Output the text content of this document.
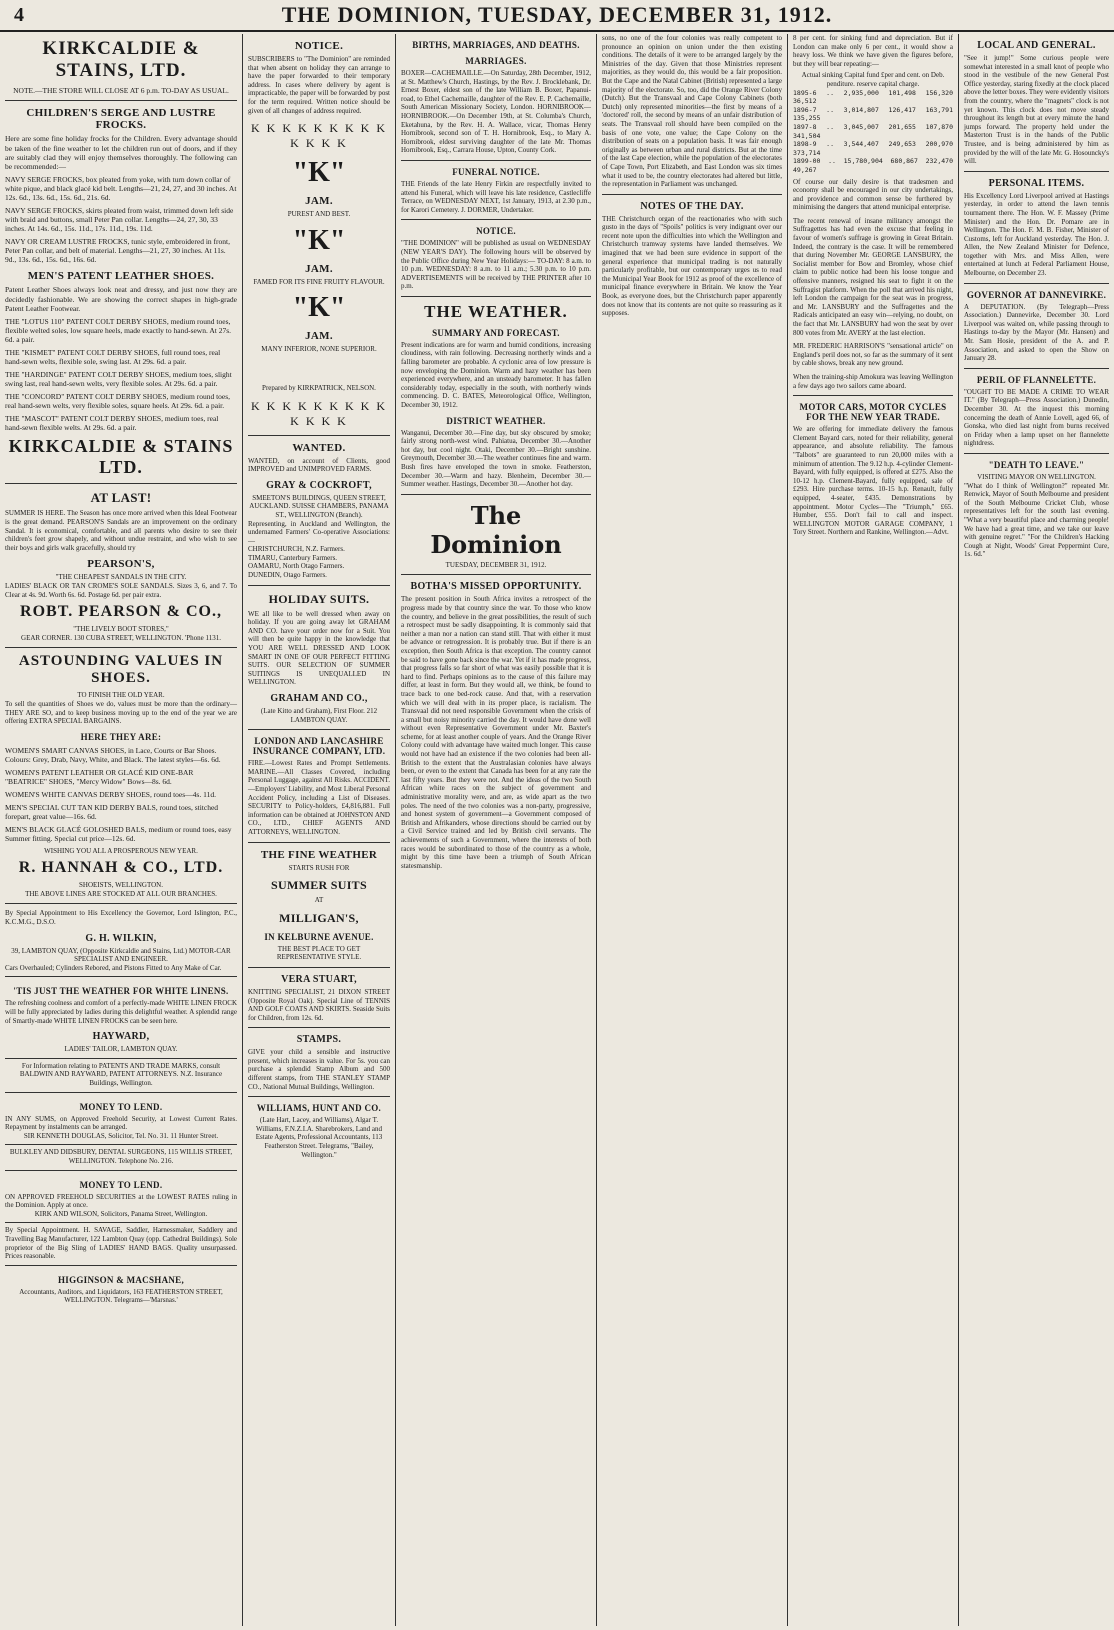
4	THE DOMINION, TUESDAY, DECEMBER 31, 1912.
KIRKCALDIE & STAINS, LTD.
NOTE.—THE STORE WILL CLOSE AT 6 p.m. TO-DAY AS USUAL.
CHILDREN'S SERGE AND LUSTRE FROCKS.
Here are some fine holiday frocks for the Children. Every advantage should be taken of the fine weather to let the children run out of doors, and if they are suitably clad they will enjoy themselves thoroughly. The following can be recommended:—
NAVY SERGE FROCKS, box pleated from yoke, with turn down collar of white pique, and black glacé kid belt. Lengths—21, 24, 27, and 30 inches. At 12s. 6d., 13s. 6d., 15s. 6d., 21s. 6d.
NAVY SERGE FROCKS, skirts pleated from waist, trimmed down left side with braid and buttons, small Peter Pan collar. Lengths—24, 27, 30, 33 inches. At 14s. 6d., 15s. 11d., 17s. 11d., 19s. 11d.
NAVY OR CREAM LUSTRE FROCKS, tunic style, embroidered in front, Peter Pan collar, and belt of material. Lengths—21, 27, 30 inches. At 11s. 9d., 13s. 6d., 15s. 6d., 16s. 6d.
MEN'S PATENT LEATHER SHOES.
Patent Leather Shoes always look neat and dressy, and just now they are decidedly fashionable. We are showing the correct shapes in high-grade Patent Leather Footwear.
THE "LOTUS 110" PATENT COLT DERBY SHOES, medium round toes, flexible welted soles, low square heels, made exactly to hand-sewn. At 27s. 6d. a pair.
THE "KISMET" PATENT COLT DERBY SHOES, full round toes, real hand-sewn welts, flexible sole, swing last. At 29s. 6d. a pair.
THE "HARDINGE" PATENT COLT DERBY SHOES, medium toes, slight swing last, real hand-sewn welts, very flexible soles. At 29s. 6d. a pair.
THE "CONCORD" PATENT COLT DERBY SHOES, medium round toes, real hand-sewn welts, very flexible soles, square heels. At 29s. 6d. a pair.
THE "MASCOT" PATENT COLT DERBY SHOES, medium toes, real hand-sewn flexible welts. At 29s. 6d. a pair.
KIRKCALDIE & STAINS LTD.
AT LAST!
SUMMER IS HERE. The Season has once more arrived when this Ideal Footwear is the great demand. PEARSON'S Sandals are an improvement on the ordinary Sandal. It is economical, comfortable, and all parents who desire to see their children's feet grow shapely, and without undue restraint, and who wish to see their boys and girls walk gracefully, should try
PEARSON'S,
"THE CHEAPEST SANDALS IN THE CITY.
LADIES' BLACK OR TAN CROME'S SOLE SANDALS. Sizes 3, 6, and 7. To Clear at 4s. 9d. Worth 6s. 6d. Postage 6d. per pair extra.
ROBT. PEARSON & CO.,
"THE LIVELY BOOT STORES,"
GEAR CORNER. 130 CUBA STREET, WELLINGTON. 'Phone 1131.
ASTOUNDING VALUES IN SHOES.
TO FINISH THE OLD YEAR.
To sell the quantities of Shoes we do, values must be more than the ordinary—THEY ARE SO, and to keep business moving up to the end of the year we are offering EXTRA SPECIAL BARGAINS.
HERE THEY ARE:
WOMEN'S SMART CANVAS SHOES, in Lace, Courts or Bar Shoes. Colours: Grey, Drab, Navy, White, and Black. The latest styles—6s. 6d.
WOMEN'S PATENT LEATHER OR GLACÉ KID ONE-BAR "BEATRICE" SHOES, "Mercy Widow" Bows—8s. 6d.
WOMEN'S WHITE CANVAS DERBY SHOES, round toes—4s. 11d.
MEN'S SPECIAL CUT TAN KID DERBY BALS, round toes, stitched forepart, great value—16s. 6d.
MEN'S BLACK GLACÉ GOLOSHED BALS, medium or round toes, easy Summer fitting. Special cut price—12s. 6d.
WISHING YOU ALL A PROSPEROUS NEW YEAR.
R. HANNAH & CO., LTD.
SHOEISTS, WELLINGTON.
THE ABOVE LINES ARE STOCKED AT ALL OUR BRANCHES.
By Special Appointment to His Excellency the Governor, Lord Islington, P.C., K.C.M.G., D.S.O.
G. H. WILKIN,
39, LAMBTON QUAY, (Opposite Kirkcaldie and Stains, Ltd.) MOTOR-CAR SPECIALIST AND ENGINEER.
Cars Overhauled; Cylinders Rebored, and Pistons Fitted to Any Make of Car.
'TIS JUST THE WEATHER FOR WHITE LINENS.
The refreshing coolness and comfort of a perfectly-made WHITE LINEN FROCK will be fully appreciated by ladies during this delightful weather. A splendid range of Smartly-made WHITE LINEN FROCKS can be seen here.
HAYWARD,
LADIES' TAILOR, LAMBTON QUAY.
For Information relating to PATENTS AND TRADE MARKS, consult BALDWIN AND RAYWARD, PATENT ATTORNEYS. N.Z. Insurance Buildings, Wellington.
MONEY TO LEND.
IN ANY SUMS, on Approved Freehold Security, at Lowest Current Rates. Repayment by instalments can be arranged.
SIR KENNETH DOUGLAS, Solicitor, Tel. No. 31. 11 Hunter Street.
BULKLEY AND DIDSBURY, DENTAL SURGEONS, 115 WILLIS STREET, WELLINGTON. Telephone No. 216.
MONEY TO LEND.
ON APPROVED FREEHOLD SECURITIES at the LOWEST RATES ruling in the Dominion. Apply at once.
KIRK AND WILSON, Solicitors, Panama Street, Wellington.
By Special Appointment. H. SAVAGE, Saddler, Harnessmaker, Saddlery and Travelling Bag Manufacturer, 122 Lambton Quay (opp. Cathedral Buildings). Sole proprietor of the Big Sling of LADIES' HAND BAGS. Quality unsurpassed. Prices reasonable.
HIGGINSON & MACSHANE,
Accountants, Auditors, and Liquidators, 163 FEATHERSTON STREET, WELLINGTON. Telegrams—'Marsnas.'
NOTICE.
SUBSCRIBERS to "The Dominion" are reminded that when absent on holiday they can arrange to have the paper forwarded to their temporary address. In cases where delivery by agent is impracticable, the paper will be forwarded by post for the term required. Written notice should be given of all changes of address required.
K K K K K K K K K K K K K
"K"
JAM.
PUREST AND BEST.
"K"
JAM.
FAMED FOR ITS FINE FRUITY FLAVOUR.
"K"
JAM.
MANY INFERIOR, NONE SUPERIOR.
Prepared by KIRKPATRICK, NELSON.
K K K K K K K K K K K K K
WANTED.
WANTED, on account of Clients, good IMPROVED and UNIMPROVED FARMS.
GRAY & COCKROFT,
SMEETON'S BUILDINGS, QUEEN STREET, AUCKLAND. SUISSE CHAMBERS, PANAMA ST., WELLINGTON (Branch).
Representing, in Auckland and Wellington, the undernamed Farmers' Co-operative Associations:—
CHRISTCHURCH, N.Z. Farmers.
TIMARU, Canterbury Farmers.
OAMARU, North Otago Farmers.
DUNEDIN, Otago Farmers.
HOLIDAY SUITS.
WE all like to be well dressed when away on holiday. If you are going away let GRAHAM AND CO. have your order now for a Suit. You will then be quite happy in the knowledge that YOU ARE WELL DRESSED AND LOOK SMART IN ONE OF OUR PERFECT FITTING SUITS. OUR SELECTION OF SUMMER SUITINGS IS UNEQUALLED IN WELLINGTON.
GRAHAM AND CO.,
(Late Kitto and Graham), First Floor. 212 LAMBTON QUAY.
LONDON AND LANCASHIRE INSURANCE COMPANY, LTD.
FIRE.—Lowest Rates and Prompt Settlements. MARINE.—All Classes Covered, including Personal Luggage, against All Risks. ACCIDENT.—Employers' Liability, and Most Liberal Personal Accident Policy, including a List of Diseases. SECURITY to Policy-holders, £4,816,881. Full information can be obtained at JOHNSTON AND CO., LTD., CHIEF AGENTS AND ATTORNEYS, WELLINGTON.
THE FINE WEATHER
STARTS RUSH FOR
SUMMER SUITS
AT
MILLIGAN'S,
IN KELBURNE AVENUE.
THE BEST PLACE TO GET REPRESENTATIVE STYLE.
VERA STUART,
KNITTING SPECIALIST, 21 DIXON STREET (Opposite Royal Oak). Special Line of TENNIS AND GOLF COATS AND SKIRTS. Seaside Suits for Children, from 12s. 6d.
STAMPS.
GIVE your child a sensible and instructive present, which increases in value. For 5s. you can purchase a splendid Stamp Album and 500 different stamps, from THE STANLEY STAMP CO., National Mutual Buildings, Wellington.
WILLIAMS, HUNT AND CO.
(Late Hart, Lacey, and Williams), Algar T. Williams, F.N.Z.I.A. Sharebrokers, Land and Estate Agents, Professional Accountants, 113 Featherston Street. Telegrams, "Bailey, Wellington."
BIRTHS, MARRIAGES, AND DEATHS.
MARRIAGES.
BOXER—CACHEMAILLE.—On Saturday, 28th December, 1912, at St. Matthew's Church, Hastings, by the Rev. J. Brocklebank, Dr. Ernest Boxer, eldest son of the late William B. Boxer, Papanui-road, to Ethel Cachemaille, daughter of the Rev. E. P. Cachemaille, South American Missionary Society, London. HORNIBROOK—HORNIBROOK.—On December 19th, at St. Columba's Church, Eketahuna, by the Rev. H. A. Wallace, vicar, Thomas Henry Hornibrook, second son of T. H. Hornibrook, Esq., to Mary A. Hornibrook, eldest surviving daughter of the late Mr. Thomas Hornibrook, Esq., Carrara House, Upton, County Cork.
FUNERAL NOTICE.
THE Friends of the late Henry Firkin are respectfully invited to attend his Funeral, which will leave his late residence, Castlecliffe Terrace, on WEDNESDAY NEXT, 1st January, 1913, at 2.30 p.m., for Karori Cemetery. J. DORMER, Undertaker.
NOTICE.
"THE DOMINION" will be published as usual on WEDNESDAY (NEW YEAR'S DAY). The following hours will be observed by the Public Office during New Year Holidays:— TO-DAY: 8 a.m. to 10 p.m. WEDNESDAY: 8 a.m. to 11 a.m.; 5.30 p.m. to 10 p.m. ADVERTISEMENTS will be received by THE PRINTER after 10 p.m.
THE WEATHER.
SUMMARY AND FORECAST.
Present indications are for warm and humid conditions, increasing cloudiness, with rain following. Decreasing northerly winds and a falling barometer are probable. A cyclonic area of low pressure is now enveloping the Dominion. Warm and hazy weather has been experienced everywhere, and an unsteady barometer. It has fallen considerably today, especially in the south, with northerly winds commencing. D. C. BATES, Meteorological Office, Wellington, December 30, 1912.
DISTRICT WEATHER.
Wanganui, December 30.—Fine day, but sky obscured by smoke; fairly strong north-west wind. Pahiatua, December 30.—Another hot day, but cool night. Otaki, December 30.—Bright sunshine. Greymouth, December 30.—The weather continues fine and warm. Bush fires have enveloped the town in smoke. Featherston, December 30.—Warm and hazy. Blenheim, December 30.—Summer weather. Hastings, December 30.—Another hot day.
The Dominion
TUESDAY, DECEMBER 31, 1912.
BOTHA'S MISSED OPPORTUNITY.
The present position in South Africa invites a retrospect of the progress made by that country since the war. To those who know the country, and believe in the great possibilities, the result of such a retrospect must be sadly disappointing. It is commonly said that neither a man nor a nation can stand still. That with either it must be advance or retrogression. It is probably true. But if there is an exception, then South Africa is that exception. The country cannot be said to have gone back since the war. Yet if it has made progress, that progress falls so far short of what was easily possible that it is hard to find. Perhaps opinions as to the cause of this failure may differ, at least in form. But they would all, we think, be found to trace back to one bed-rock cause. And that, with a reservation which we will deal with in its proper place, is racialism. The Transvaal did not need responsible Government when the crisis of a small but noisy minority carried the day. It would have done well without even Representative Government under Mr. Baxter's scheme, for at least another couple of years. And the Orange River Colony could with advantage have waited much longer. This cause would not have had an existence if the two colonies had been all-British to the extent that the Australasian colonies have always been, or even to the extent that Canada has been for at any rate the last fifty years. But they were not. And the ideas of the two South African white races on the subject of government and administrative morality were, and are, as wide apart as the two poles. The need of the two colonies was a non-party, progressive, and honest system of government—a Government composed of British and Afrikanders, whose directions should be carried out by a Civil Service trained and led by British civil servants. The achievements of such a Government, where the interests of both races would be subordinated to those of the country as a whole, might by this time have been a triumph of South African statesmanship.
sons, no one of the four colonies was really competent to pronounce an opinion on union under the then existing conditions. The details of it were to be arranged largely by the Ministries of the day. Given that those Ministries represent majorities, as they would do, this would be a fair proposition. But the Cape and the Natal Cabinet (British) represented a large majority of the electorate. So, too, did the Orange River Colony (Dutch). But the Transvaal and Cape Colony Cabinets (both Dutch) only represented minorities—the first by means of a 'doctored' roll, the second by means of an unfair distribution of seats. The Transvaal roll should have been compiled on the basis of one vote, one value; the Cape Colony on the distribution of seats on a population basis. It was fair enough originally as between urban and rural districts. But at the time of the last Cape election, while the population of the electorates of Cape Town, Port Elizabeth, and East London was six times what it used to be, the country electorates had altered but little, the representation in Parliament was unchanged.
NOTES OF THE DAY.
THE Christchurch organ of the reactionaries who with such gusto in the days of "Spoils" politics is very indignant over our recent note upon the difficulties into which the Wellington and Christchurch tramway systems have landed themselves. We imagined that we had been sure evidence in support of the general experience that municipal trading is not naturally particularly profitable, but our contemporary urges us to read the Municipal Year Book for 1912 as proof of the excellence of municipal finance everywhere in Britain. We know the Year Book, as everyone does, but the Christchurch paper apparently does not know that its contents are not quite so reassuring as it supposes.
8 per cent. for sinking fund and depreciation. But if London can make only 6 per cent., it would show a heavy loss. We think we have given the figures before, but they will bear repeating:—
Actual sinking Capital fund £per and cent. on Deb. penditure. reserve capital charge.
1895-6 .. 2,935,000 101,498 156,320 36,512
1896-7 .. 3,014,807 126,417 163,791 135,255
1897-8 .. 3,045,007 201,655 107,870 341,504
1898-9 .. 3,544,407 249,653 200,970 373,714
1899-00 .. 15,780,904 680,867 232,470 49,267
Of course our daily desire is that tradesmen and economy shall be encouraged in our city undertakings, and providence and common sense be furthered by minimising the dangers that attend municipal enterprise.
The recent renewal of insane militancy amongst the Suffragettes has had even the excuse that feeling in favour of women's suffrage is growing in Great Britain. Indeed, the contrary is the case. It will be remembered that during November Mr. GEORGE LANSBURY, the Socialist member for Bow and Bromley, whose chief claim to public notice had been his loose tongue and offensive manners, resigned his seat to fight it on the Suffragist platform. When the poll that arrived his night, left London the campaign for the seat was in progress, and Mr. LANSBURY and the Suffragettes and the Radicals anticipated an easy win—relying, no doubt, on the fact that Mr. LANSBURY had won the seat by over 800 votes from Mr. AVERY at the last election.
MR. FREDERIC HARRISON'S "sensational article" on England's peril does not, so far as the summary of it sent by cable shows, break any new ground.
When the training-ship Amokura was leaving Wellington a few days ago two sailors came aboard.
MOTOR CARS, MOTOR CYCLES FOR THE NEW YEAR TRADE.
We are offering for immediate delivery the famous Clement Bayard cars, noted for their reliability, general appearance, and absolute reliability. The famous "Talbots" are guaranteed to run 20,000 miles with a minimum of attention. The 9.12 h.p. 4-cylinder Clement-Bayard, with fully equipped, is offered at £275. Also the 10-12 h.p. Clement-Bayard, fully equipped, sale of £293. Hire purchase terms. 10-15 h.p. Renault, fully equipped, 4-seater, £435. Demonstrations by appointment. Motor Cycles—The "Triumph," £65. Humber, £55. Don't fail to call and inspect. WELLINGTON MOTOR GARAGE COMPANY, 1 Tory Street. Northern and Rankine, Wellington.—Advt.
LOCAL AND GENERAL.
"See it jump!" Some curious people were somewhat interested in a small knot of people who stood in the vestibule of the new General Post Office yesterday, staring fixedly at the clock placed above the letter boxes. They were evidently visitors from the country, where the "magnets" clock is not yet known. This clock does not move steady throughout its length but at every minute the hand jumps forward. The property held under the Masterton Trust is in the hands of the Public Trustee, and is being administered by him as provided by the will of the late Mr. G. Hosouncky's will.
PERSONAL ITEMS.
His Excellency Lord Liverpool arrived at Hastings yesterday, in order to attend the lawn tennis tournament there. The Hon. W. F. Massey (Prime Minister) and the Hon. Dr. Pomare are in Wellington. The Hon. F. M. B. Fisher, Minister of Customs, left for Auckland yesterday. The Hon. J. Allen, the New Zealand Minister for Defence, together with Mrs. and Miss Allen, were entertained at lunch at Federal Parliament House, Melbourne, on December 23.
GOVERNOR AT DANNEVIRKE.
A DEPUTATION. (By Telegraph—Press Association.) Dannevirke, December 30. Lord Liverpool was waited on, while passing through to Hastings to-day by the Mayor (Mr. Hansen) and Mr. Sam Hosie, president of the A. and P. Association, and asked to open the Show on January 28.
PERIL OF FLANNELETTE.
"OUGHT TO BE MADE A CRIME TO WEAR IT." (By Telegraph—Press Association.) Dunedin, December 30. At the inquest this morning concerning the death of Annie Lovell, aged 66, of Gonska, who died last night from burns received on Friday when a lamp upset on her flannelette nightdress.
"DEATH TO LEAVE."
VISITING MAYOR ON WELLINGTON.
"What do I think of Wellington?" repeated Mr. Renwick, Mayor of South Melbourne and president of the South Melbourne Cricket Club, whose representatives left for the south last evening. "What a very beautiful place and charming people! We have had a great time, and we take our leave with genuine regret." "For the Children's Hacking Cough at Night, Woods' Great Peppermint Cure, 1s. 6d."
